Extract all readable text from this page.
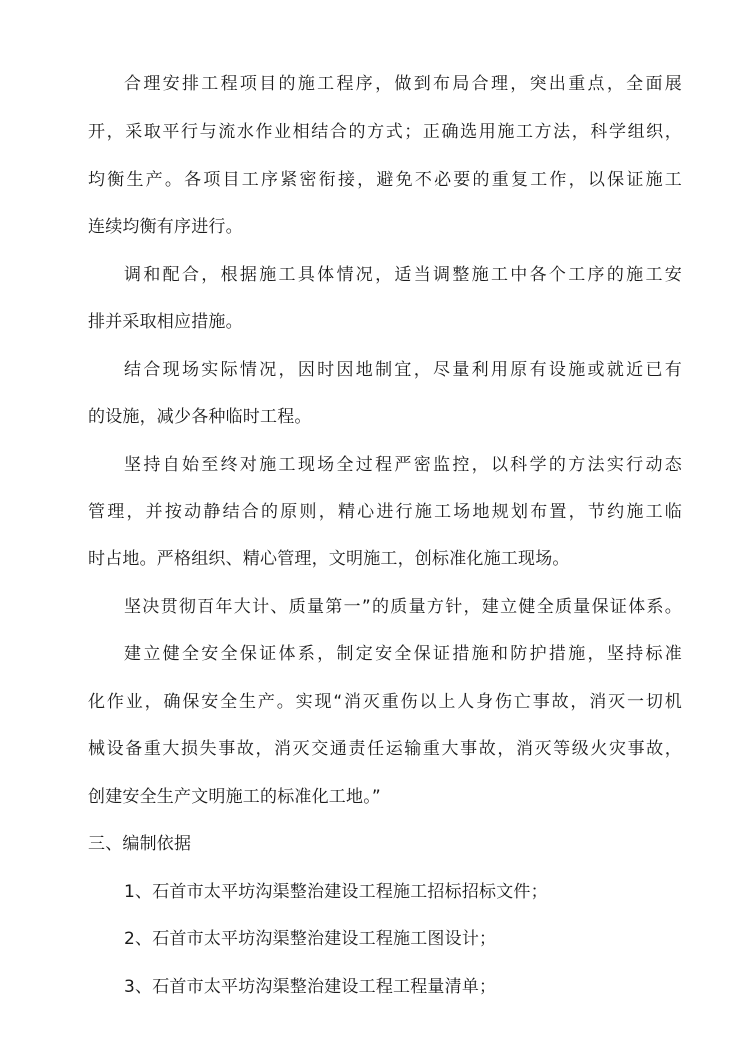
合理安排工程项目的施工程序，做到布局合理，突出重点，全面展
开，采取平行与流水作业相结合的方式；正确选用施工方法，科学组织，
均衡生产。各项目工序紧密衔接，避免不必要的重复工作，以保证施工
连续均衡有序进行。
调和配合，根据施工具体情况，适当调整施工中各个工序的施工安
排并采取相应措施。
结合现场实际情况，因时因地制宜，尽量利用原有设施或就近已有
的设施，减少各种临时工程。
坚持自始至终对施工现场全过程严密监控，以科学的方法实行动态
管理，并按动静结合的原则，精心进行施工场地规划布置，节约施工临
时占地。严格组织、精心管理，文明施工，创标准化施工现场。
坚决贯彻百年大计、质量第一”的质量方针，建立健全质量保证体系。
建立健全安全保证体系，制定安全保证措施和防护措施，坚持标准
化作业，确保安全生产。实现“消灭重伤以上人身伤亡事故，消灭一切机
械设备重大损失事故，消灭交通责任运输重大事故，消灭等级火灾事故，
创建安全生产文明施工的标准化工地。”
三、编制依据
1、石首市太平坊沟渠整治建设工程施工招标招标文件；
2、石首市太平坊沟渠整治建设工程施工图设计；
3、石首市太平坊沟渠整治建设工程工程量清单；
